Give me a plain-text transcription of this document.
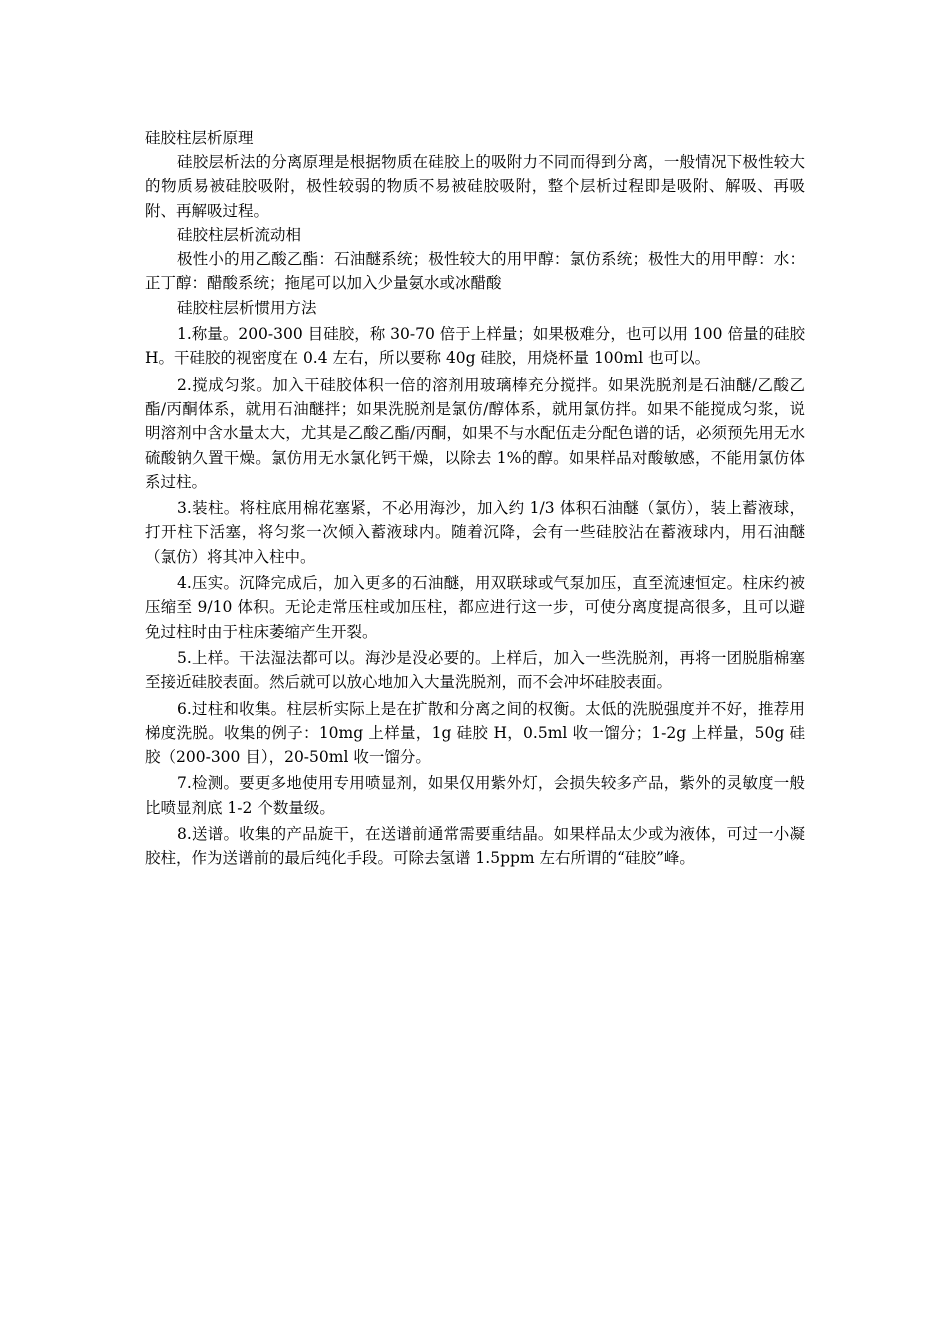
硅胶柱层析原理

硅胶层析法的分离原理是根据物质在硅胶上的吸附力不同而得到分离，一般情况下极性较大的物质易被硅胶吸附，极性较弱的物质不易被硅胶吸附，整个层析过程即是吸附、解吸、再吸附、再解吸过程。

硅胶柱层析流动相

极性小的用乙酸乙酯：石油醚系统；极性较大的用甲醇：氯仿系统；极性大的用甲醇：水：正丁醇：醋酸系统；拖尾可以加入少量氨水或冰醋酸

硅胶柱层析惯用方法

1.称量。200-300 目硅胶，称 30-70 倍于上样量；如果极难分，也可以用 100 倍量的硅胶 H。干硅胶的视密度在 0.4 左右，所以要称 40g 硅胶，用烧杯量 100ml 也可以。

2.搅成匀浆。加入干硅胶体积一倍的溶剂用玻璃棒充分搅拌。如果洗脱剂是石油醚/乙酸乙酯/丙酮体系，就用石油醚拌；如果洗脱剂是氯仿/醇体系，就用氯仿拌。如果不能搅成匀浆，说明溶剂中含水量太大，尤其是乙酸乙酯/丙酮，如果不与水配伍走分配色谱的话，必须预先用无水硫酸钠久置干燥。氯仿用无水氯化钙干燥，以除去 1%的醇。如果样品对酸敏感，不能用氯仿体系过柱。

3.装柱。将柱底用棉花塞紧，不必用海沙，加入约 1/3 体积石油醚（氯仿），装上蓄液球，打开柱下活塞，将匀浆一次倾入蓄液球内。随着沉降，会有一些硅胶沾在蓄液球内，用石油醚（氯仿）将其冲入柱中。

4.压实。沉降完成后，加入更多的石油醚，用双联球或气泵加压，直至流速恒定。柱床约被压缩至 9/10 体积。无论走常压柱或加压柱，都应进行这一步，可使分离度提高很多，且可以避免过柱时由于柱床萎缩产生开裂。

5.上样。干法湿法都可以。海沙是没必要的。上样后，加入一些洗脱剂，再将一团脱脂棉塞至接近硅胶表面。然后就可以放心地加入大量洗脱剂，而不会冲坏硅胶表面。

6.过柱和收集。柱层析实际上是在扩散和分离之间的权衡。太低的洗脱强度并不好，推荐用梯度洗脱。收集的例子：10mg 上样量，1g 硅胶 H，0.5ml 收一馏分；1-2g 上样量，50g 硅胶（200-300 目），20-50ml 收一馏分。

7.检测。要更多地使用专用喷显剂，如果仅用紫外灯，会损失较多产品，紫外的灵敏度一般比喷显剂底 1-2 个数量级。

8.送谱。收集的产品旋干，在送谱前通常需要重结晶。如果样品太少或为液体，可过一小凝胶柱，作为送谱前的最后纯化手段。可除去氢谱 1.5ppm 左右所谓的“硅胶”峰。
